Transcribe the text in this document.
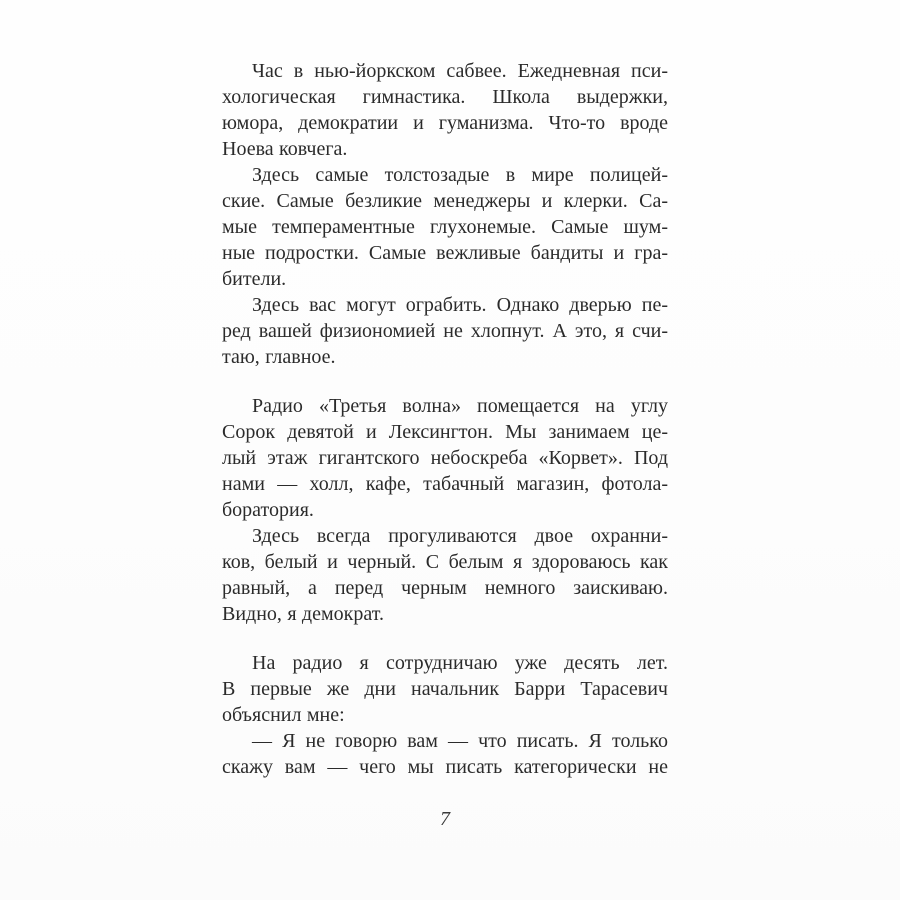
Час в нью-йоркском сабвее. Ежедневная пси-
хологическая гимнастика. Школа выдержки,
юмора, демократии и гуманизма. Что-то вроде
Ноева ковчега.
Здесь самые толстозадые в мире полицей-
ские. Самые безликие менеджеры и клерки. Са-
мые темпераментные глухонемые. Самые шум-
ные подростки. Самые вежливые бандиты и гра-
бители.
Здесь вас могут ограбить. Однако дверью пе-
ред вашей физиономией не хлопнут. А это, я счи-
таю, главное.
Радио «Третья волна» помещается на углу
Сорок девятой и Лексингтон. Мы занимаем це-
лый этаж гигантского небоскреба «Корвет». Под
нами — холл, кафе, табачный магазин, фотола-
боратория.
Здесь всегда прогуливаются двое охранни-
ков, белый и черный. С белым я здороваюсь как
равный, а перед черным немного заискиваю.
Видно, я демократ.
На радио я сотрудничаю уже десять лет.
В первые же дни начальник Барри Тарасевич
объяснил мне:
— Я не говорю вам — что писать. Я только
скажу вам — чего мы писать категорически не
7
